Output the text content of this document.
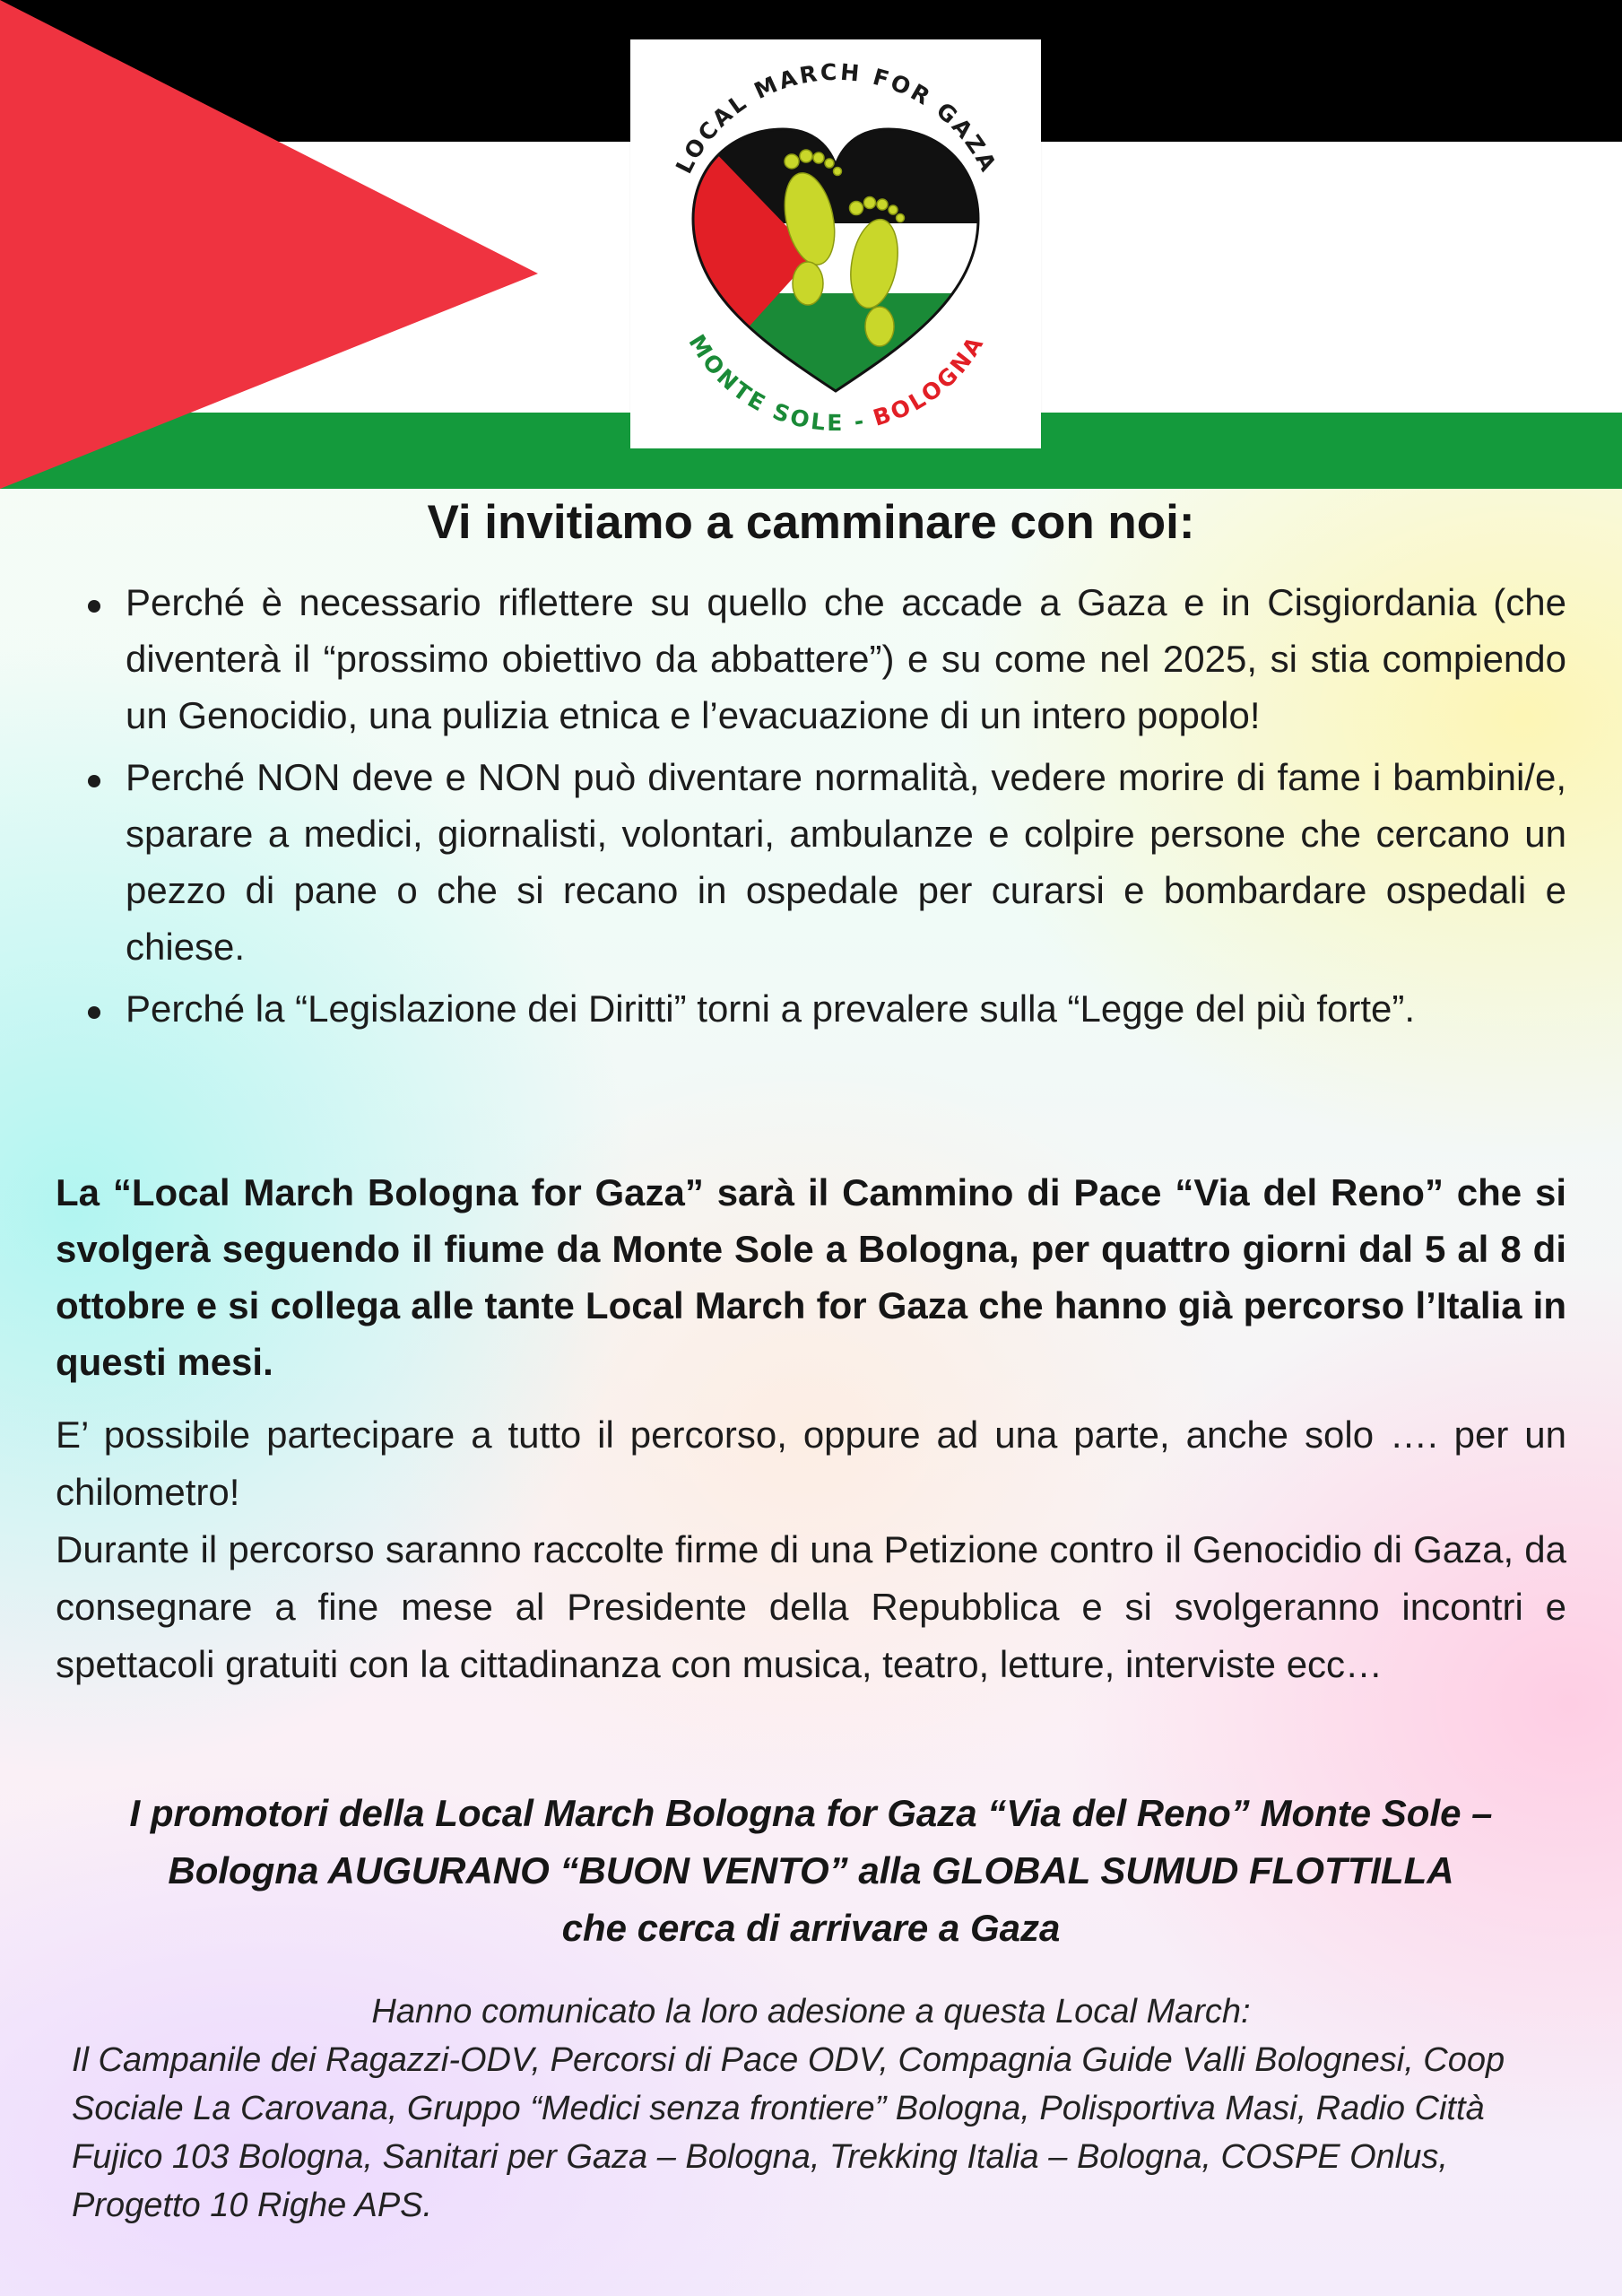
LOCAL MARCH FOR GAZA
MONTE SOLE -BOLOGNA
Vi invitiamo a camminare con noi:
Perché è necessario riflettere su quello che accade a Gaza e in Cisgiordania (che diventerà il “prossimo obiettivo da abbattere”) e su come nel 2025, si stia compiendo un Genocidio, una pulizia etnica e l’evacuazione di un intero popolo!
Perché NON deve e NON può diventare normalità, vedere morire di fame i bambini/e, sparare a medici, giornalisti, volontari, ambulanze e colpire persone che cercano un pezzo di pane o che si recano in ospedale per curarsi e bombardare ospedali e chiese.
Perché la “Legislazione dei Diritti” torni a prevalere sulla “Legge del più forte”.

La “Local March Bologna for Gaza” sarà il Cammino di Pace “Via del Reno” che si svolgerà seguendo il fiume da Monte Sole a Bologna, per quattro giorni dal 5 al 8 di ottobre e si collega alle tante Local March for Gaza che hanno già percorso l’Italia in questi mesi.

E’ possibile partecipare a tutto il percorso, oppure ad una parte, anche solo …. per un chilometro!
Durante il percorso saranno raccolte firme di una Petizione contro il Genocidio di Gaza, da consegnare a fine mese al Presidente della Repubblica e si svolgeranno incontri e spettacoli gratuiti con la cittadinanza con musica, teatro, letture, interviste ecc…

I promotori della Local March Bologna for Gaza “Via del Reno” Monte Sole –
Bologna AUGURANO “BUON VENTO” alla GLOBAL SUMUD FLOTTILLA
che cerca di arrivare a Gaza

Hanno comunicato la loro adesione a questa Local March:
Il Campanile dei Ragazzi-ODV, Percorsi di Pace ODV, Compagnia Guide Valli Bolognesi, Coop Sociale La Carovana, Gruppo “Medici senza frontiere” Bologna, Polisportiva Masi, Radio Città Fujico 103 Bologna, Sanitari per Gaza – Bologna, Trekking Italia – Bologna, COSPE Onlus, Progetto 10 Righe APS.
